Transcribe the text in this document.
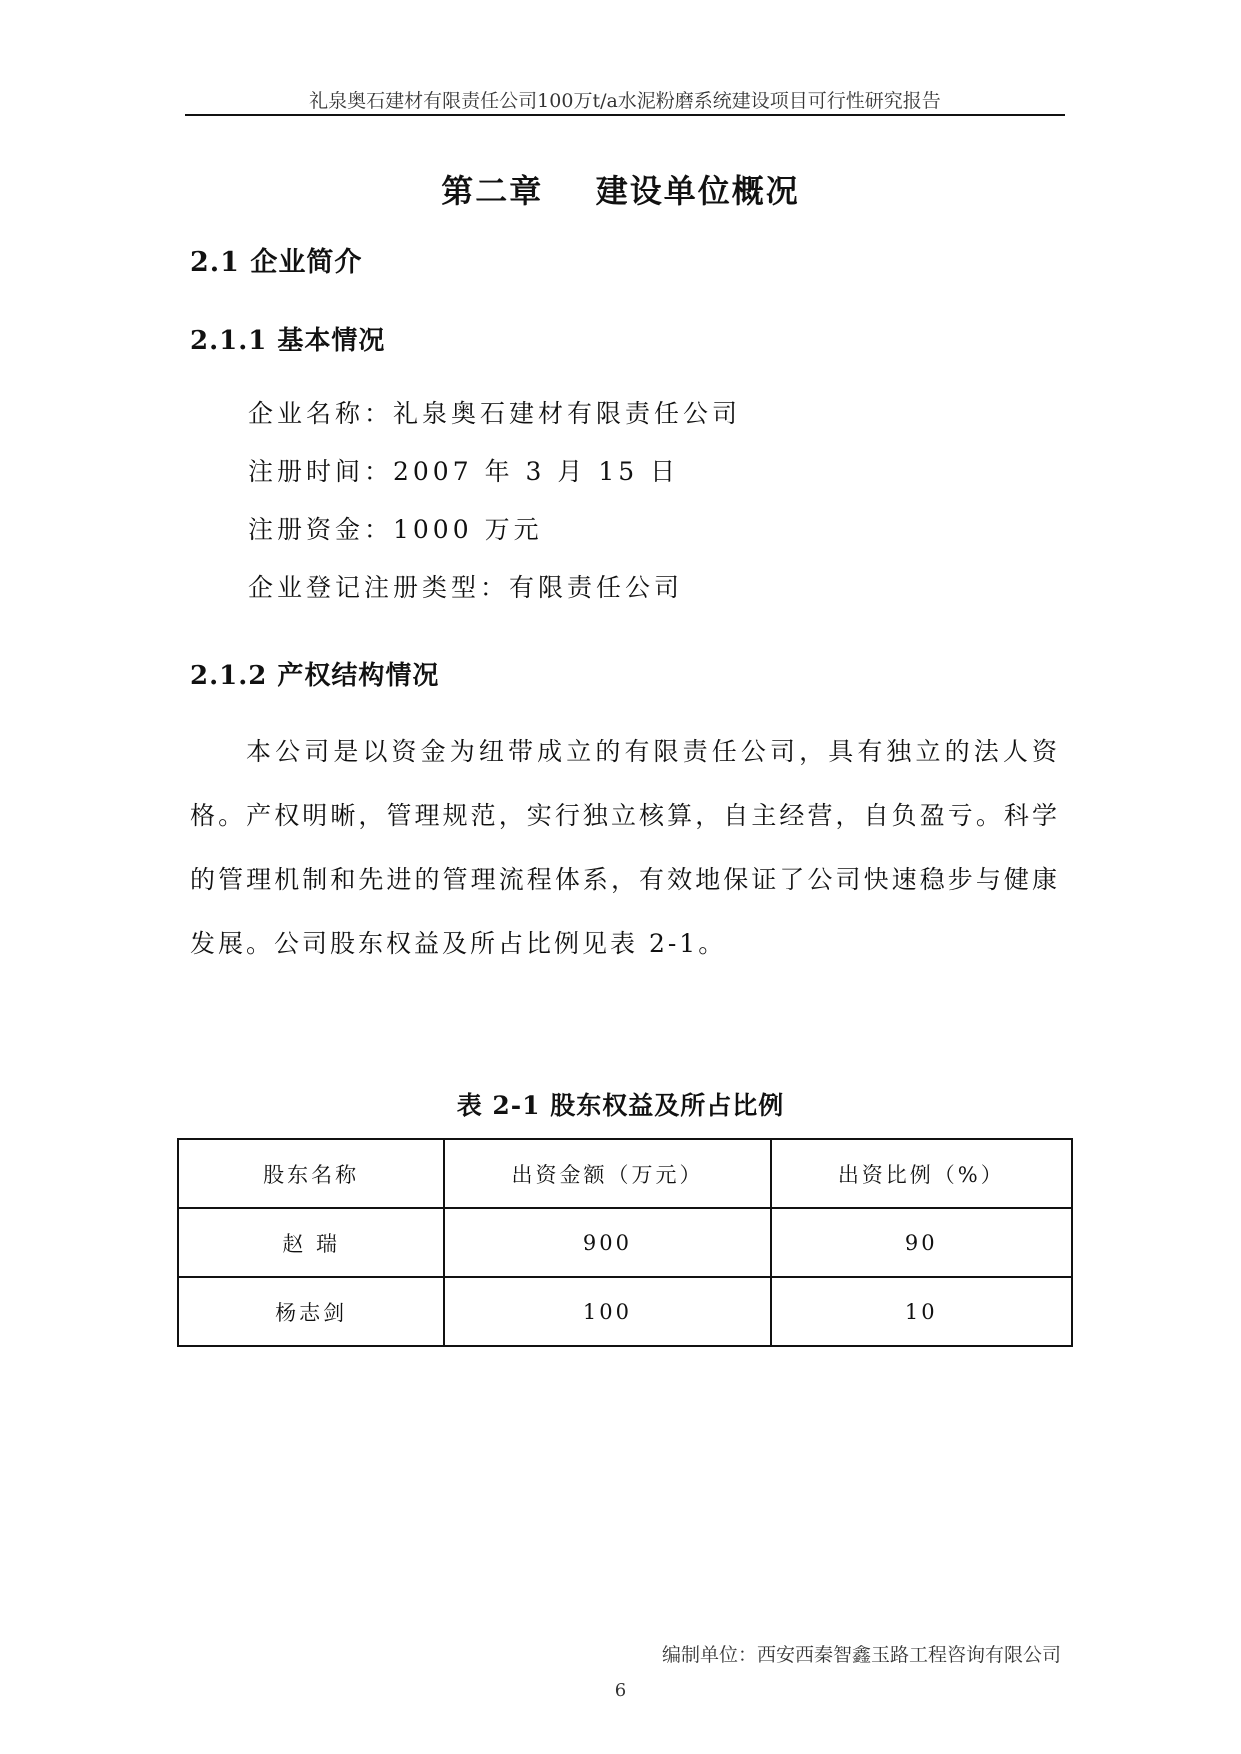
礼泉奥石建材有限责任公司100万t/a水泥粉磨系统建设项目可行性研究报告
第二章    建设单位概况
2.1 企业简介
2.1.1 基本情况
企业名称：礼泉奥石建材有限责任公司
注册时间：2007 年 3 月 15 日
注册资金：1000 万元
企业登记注册类型：有限责任公司
2.1.2 产权结构情况
本公司是以资金为纽带成立的有限责任公司，具有独立的法人资格。产权明晰，管理规范，实行独立核算，自主经营，自负盈亏。科学的管理机制和先进的管理流程体系，有效地保证了公司快速稳步与健康发展。公司股东权益及所占比例见表 2-1。
表 2-1 股东权益及所占比例
股东名称	出资金额（万元）	出资比例（%）
赵 瑞	900	90
杨志剑	100	10
编制单位：西安西秦智鑫玉路工程咨询有限公司
6
